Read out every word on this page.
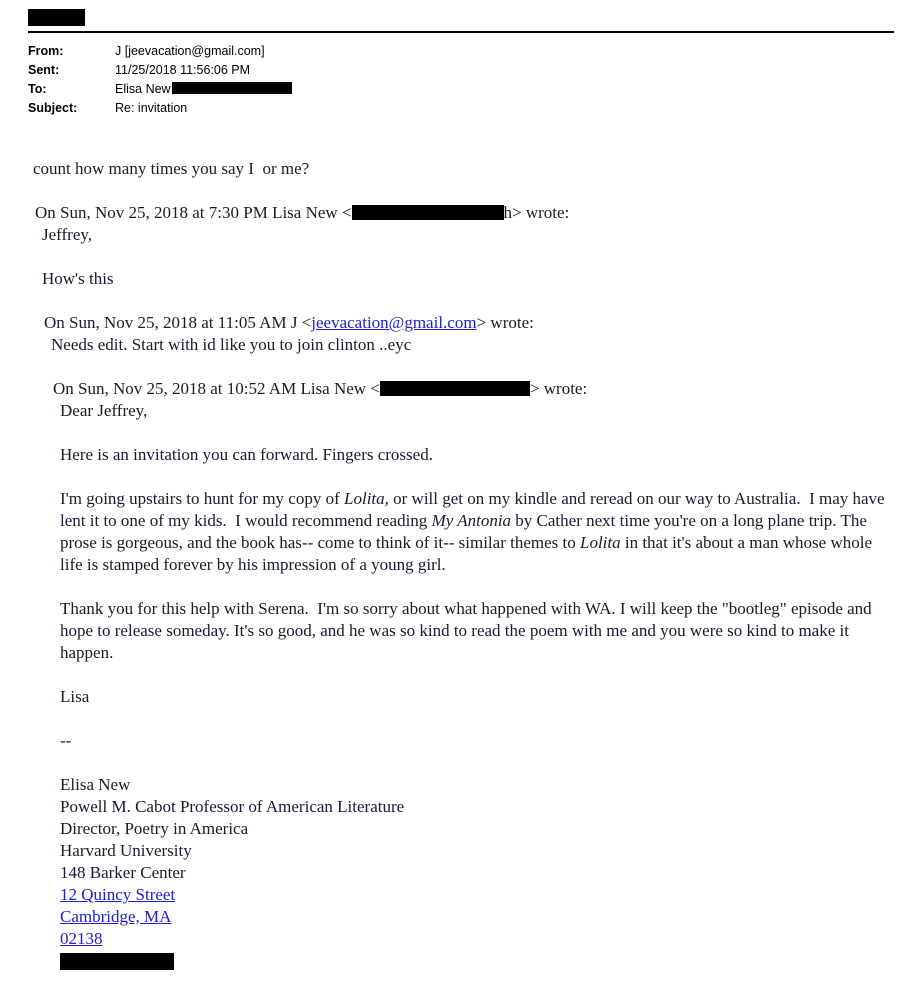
From:	J [jeevacation@gmail.com]
Sent:	11/25/2018 11:56:06 PM
To:	Elisa New
Subject:	Re: invitation

count how many times you say I  or me?

On Sun, Nov 25, 2018 at 7:30 PM Lisa New <	h> wrote:

Jeffrey,

How's this

On Sun, Nov 25, 2018 at 11:05 AM J <jeevacation@gmail.com> wrote:

Needs edit. Start with id like you to join clinton ..eyc

On Sun, Nov 25, 2018 at 10:52 AM Lisa New <	> wrote:

Dear Jeffrey,

Here is an invitation you can forward. Fingers crossed.

I'm going upstairs to hunt for my copy of Lolita, or will get on my kindle and reread on our way to Australia.  I may have lent it to one of my kids.  I would recommend reading My Antonia by Cather next time you're on a long plane trip. The prose is gorgeous, and the book has-- come to think of it-- similar themes to Lolita in that it's about a man whose whole life is stamped forever by his impression of a young girl.

Thank you for this help with Serena.  I'm so sorry about what happened with WA. I will keep the "bootleg" episode and hope to release someday. It's so good, and he was so kind to read the poem with me and you were so kind to make it happen.

Lisa

--

Elisa New

Powell M. Cabot Professor of American Literature

Director, Poetry in America

Harvard University

148 Barker Center

12 Quincy Street

Cambridge, MA

02138
